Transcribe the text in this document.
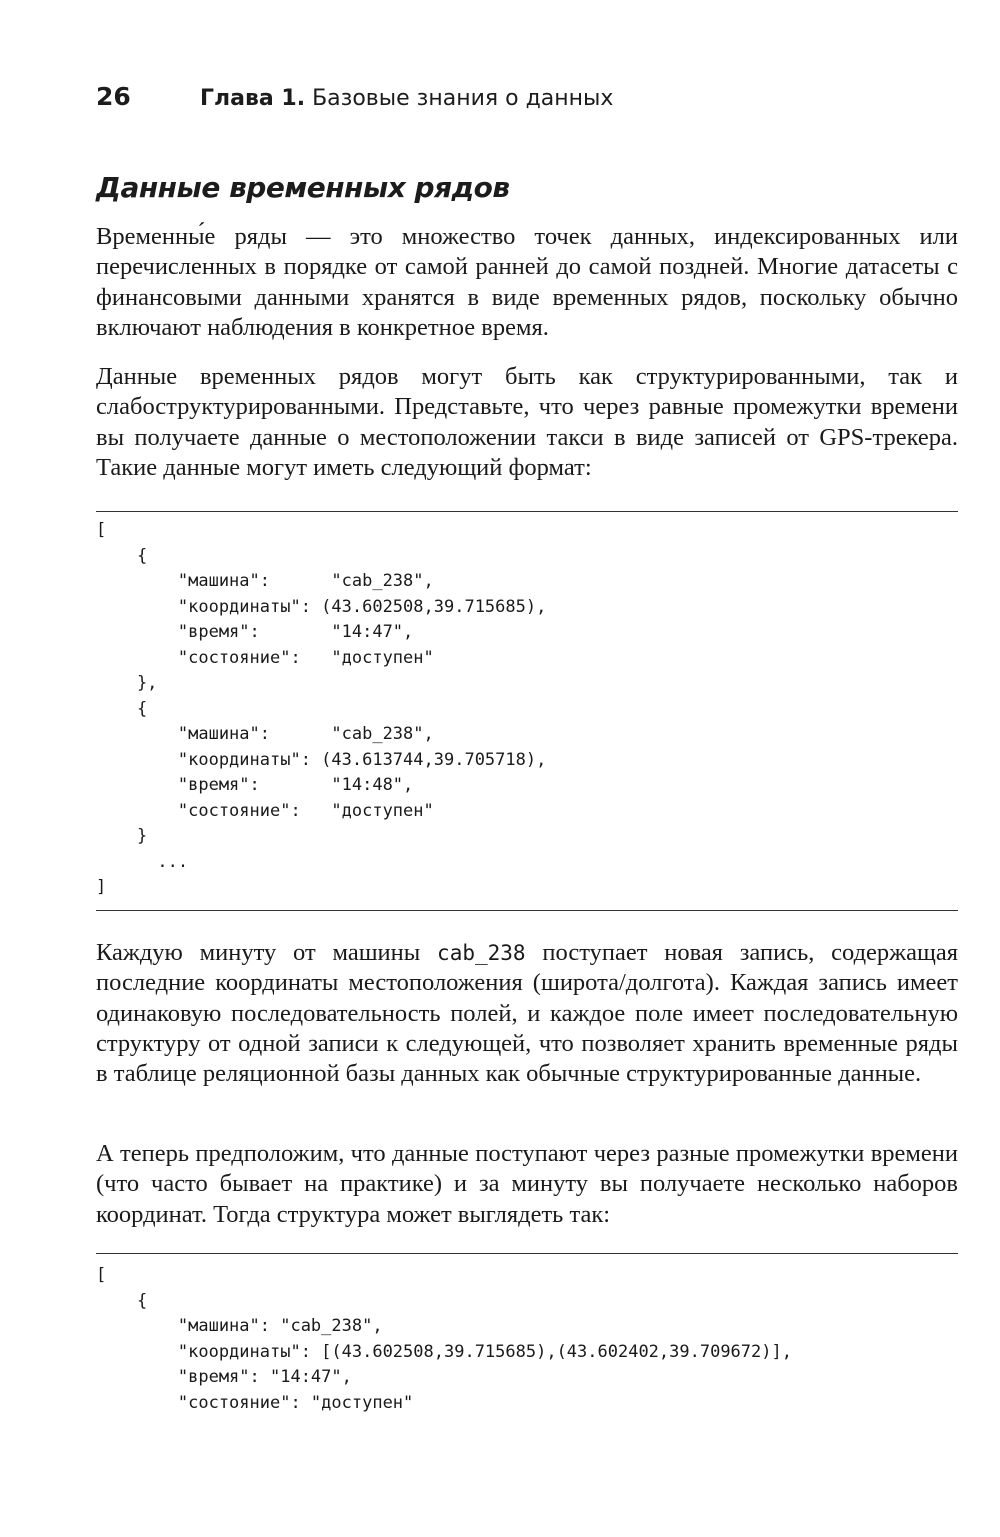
26	Глава 1. Базовые знания о данных
Данные временных рядов

Временны́е ряды — это множество точек данных, индексированных или перечисленных в порядке от самой ранней до самой поздней. Многие датасеты с финансовыми данными хранятся в виде временных рядов, поскольку обычно включают наблюдения в конкретное время.

Данные временных рядов могут быть как структурированными, так и слабоструктурированными. Представьте, что через равные промежутки времени вы получаете данные о местоположении такси в виде записей от GPS-трекера. Такие данные могут иметь следующий формат:

[
{
"машина":      "cab_238",
"координаты": (43.602508,39.715685),
"время":       "14:47",
"состояние":   "доступен"
},
{
"машина":      "cab_238",
"координаты": (43.613744,39.705718),
"время":       "14:48",
"состояние":   "доступен"
}
...
]

Каждую минуту от машины cab_238 поступает новая запись, содержащая последние координаты местоположения (широта/долгота). Каждая запись имеет одинаковую последовательность полей, и каждое поле имеет последовательную структуру от одной записи к следующей, что позволяет хранить временные ряды в таблице реляционной базы данных как обычные структурированные данные.

А теперь предположим, что данные поступают через разные промежутки времени (что часто бывает на практике) и за минуту вы получаете несколько наборов координат. Тогда структура может выглядеть так:

[
{
"машина": "cab_238",
"координаты": [(43.602508,39.715685),(43.602402,39.709672)],
"время": "14:47",
"состояние": "доступен"
